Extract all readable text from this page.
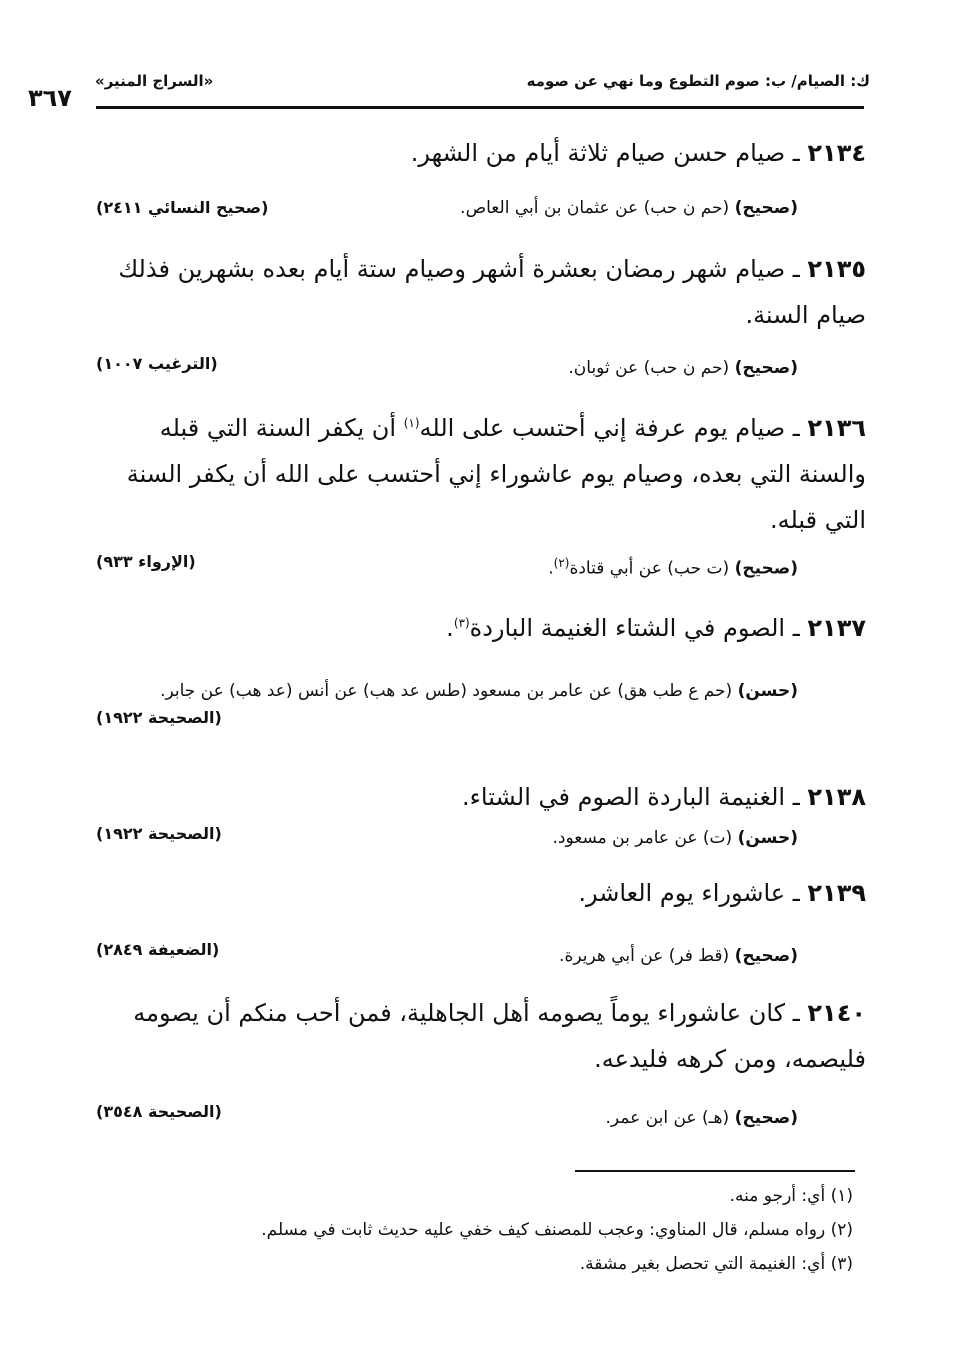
«السراج المنير»
٣٦٧
ك: الصيام/ ب: صوم التطوع وما نهي عن صومه
٢١٣٤ ـ صيام حسن صيام ثلاثة أيام من الشهر.
(صحيح) (حم ن حب) عن عثمان بن أبي العاص.
(صحيح النسائي ٢٤١١)
٢١٣٥ ـ صيام شهر رمضان بعشرة أشهر وصيام ستة أيام بعده بشهرين فذلك صيام السنة.
(صحيح) (حم ن حب) عن ثوبان.
(الترغيب ١٠٠٧)
٢١٣٦ ـ صيام يوم عرفة إني أحتسب على الله$^{(١)}$ أن يكفر السنة التي قبله والسنة التي بعده، وصيام يوم عاشوراء إني أحتسب على الله أن يكفر السنة التي قبله.
(صحيح) (ت حب) عن أبي قتادة$^{(٢)}$.
(الإرواء ٩٣٣)
٢١٣٧ ـ الصوم في الشتاء الغنيمة الباردة$^{(٣)}$.
(حسن) (حم ع طب هق) عن عامر بن مسعود (طس عد هب) عن أنس (عد هب) عن جابر.
(الصحيحة ١٩٢٢)
٢١٣٨ ـ الغنيمة الباردة الصوم في الشتاء.
(حسن) (ت) عن عامر بن مسعود.
(الصحيحة ١٩٢٢)
٢١٣٩ ـ عاشوراء يوم العاشر.
(صحيح) (قط فر) عن أبي هريرة.
(الضعيفة ٢٨٤٩)
٢١٤٠ ـ كان عاشوراء يوماً يصومه أهل الجاهلية، فمن أحب منكم أن يصومه فليصمه، ومن كرهه فليدعه.
(صحيح) (هـ) عن ابن عمر.
(الصحيحة ٣٥٤٨)
(١) أي: أرجو منه.
(٢) رواه مسلم، قال المناوي: وعجب للمصنف كيف خفي عليه حديث ثابت في مسلم.
(٣) أي: الغنيمة التي تحصل بغير مشقة.
